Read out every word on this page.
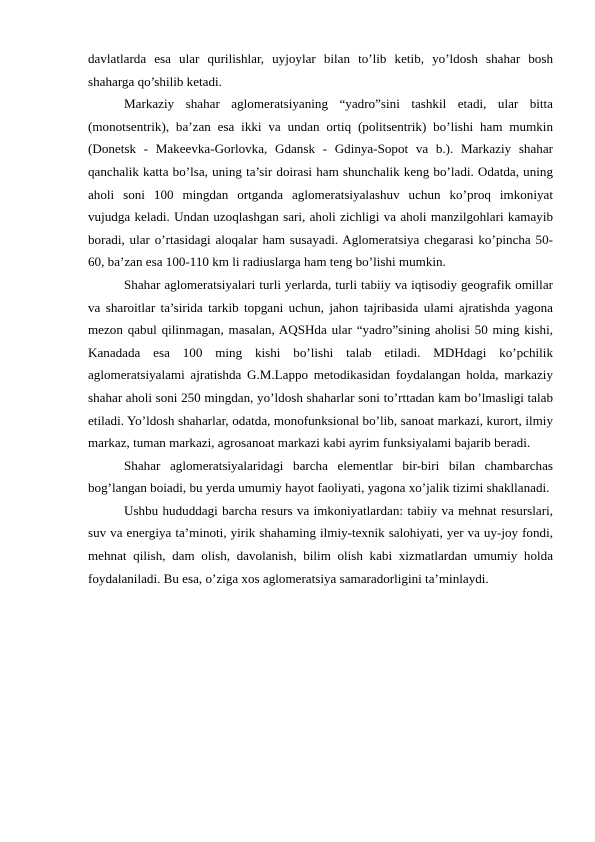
davlatlarda esa ular qurilishlar, uyjoylar bilan to’lib ketib, yo’ldosh shahar bosh shaharga qo’shilib ketadi.

Markaziy shahar aglomeratsiyaning “yadro”sini tashkil etadi, ular bitta (monotsentrik), ba’zan esa ikki va undan ortiq (politsentrik) bo’lishi ham mumkin (Donetsk - Makeevka-Gorlovka, Gdansk - Gdinya-Sopot va b.). Markaziy shahar qanchalik katta bo’lsa, uning ta’sir doirasi ham shunchalik keng bo’ladi. Odatda, uning aholi soni 100 mingdan ortganda aglomeratsiyalashuv uchun ko’proq imkoniyat vujudga keladi. Undan uzoqlashgan sari, aholi zichligi va aholi manzilgohlari kamayib boradi, ular o’rtasidagi aloqalar ham susayadi. Aglomeratsiya chegarasi ko’pincha 50-60, ba’zan esa 100-110 km li radiuslarga ham teng bo’lishi mumkin.

Shahar aglomeratsiyalari turli yerlarda, turli tabiiy va iqtisodiy geografik omillar va sharoitlar ta’sirida tarkib topgani uchun, jahon tajribasida ulami ajratishda yagona mezon qabul qilinmagan, masalan, AQSHda ular “yadro”sining aholisi 50 ming kishi, Kanadada esa 100 ming kishi bo’lishi talab etiladi. MDHdagi ko’pchilik aglomeratsiyalami ajratishda G.M.Lappo metodikasidan foydalangan holda, markaziy shahar aholi soni 250 mingdan, yo’ldosh shaharlar soni to’rttadan kam bo’lmasligi talab etiladi. Yo’ldosh shaharlar, odatda, monofunksional bo’lib, sanoat markazi, kurort, ilmiy markaz, tuman markazi, agrosanoat markazi kabi ayrim funksiyalami bajarib beradi.

Shahar aglomeratsiyalaridagi barcha elementlar bir-biri bilan chambarchas bog’langan boiadi, bu yerda umumiy hayot faoliyati, yagona xo’jalik tizimi shakllanadi.

Ushbu hududdagi barcha resurs va imkoniyatlardan: tabiiy va mehnat resurslari, suv va energiya ta’minoti, yirik shahaming ilmiy-texnik salohiyati, yer va uy-joy fondi, mehnat qilish, dam olish, davolanish, bilim olish kabi xizmatlardan umumiy holda foydalaniladi. Bu esa, o’ziga xos aglomeratsiya samaradorligini ta’minlaydi.
